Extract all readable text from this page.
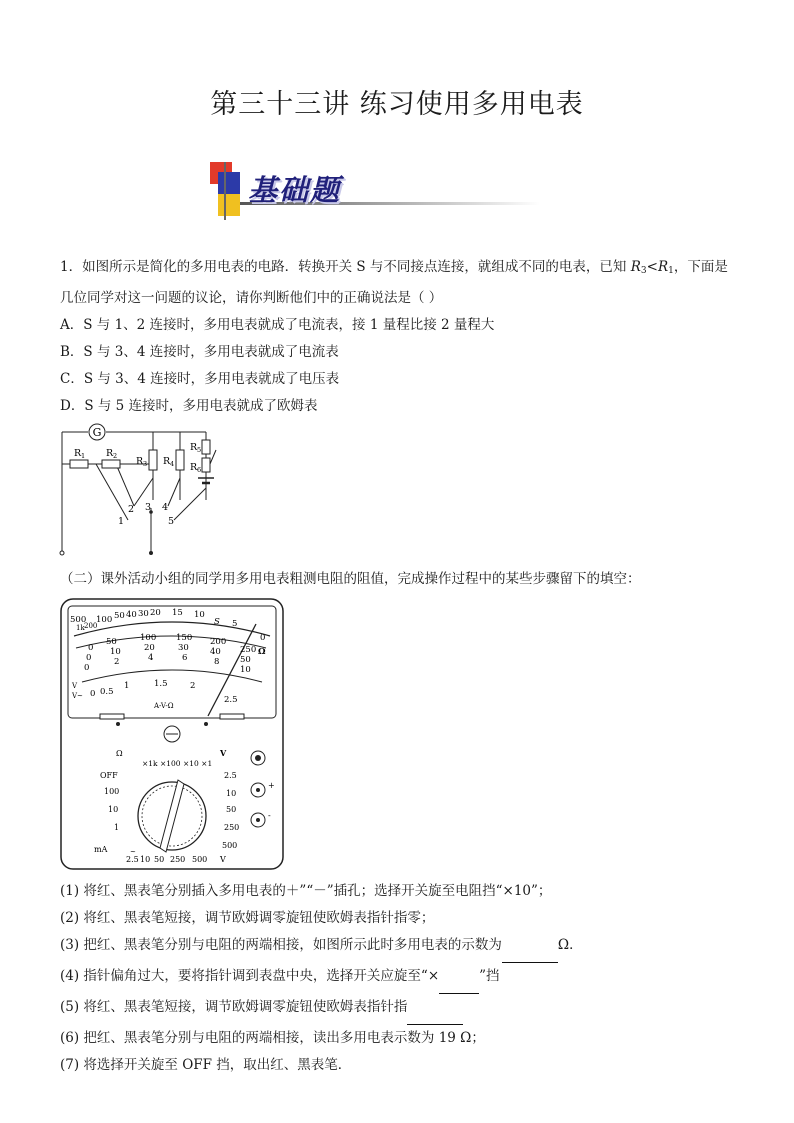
第三十三讲 练习使用多用电表
基础题

1．如图所示是简化的多用电表的电路．转换开关 S 与不同接点连接，就组成不同的电表，已知 $R_3<R_1$，下面是

几位同学对这一问题的议论，请你判断他们中的正确说法是（ ）

A．S 与 1、2 连接时，多用电表就成了电流表，接 1 量程比接 2 量程大

B．S 与 3、4 连接时，多用电表就成了电流表

C．S 与 3、4 连接时，多用电表就成了电压表

D．S 与 5 连接时，多用电表就成了欧姆表

G
R 1 R 2 R 3 R 4
R 5
R 6
1
2 3 4
5

（二）课外活动小组的同学用多用电表粗测电阻的阻值，完成操作过程中的某些步骤留下的填空：

500
1k 200
100 50 40 30 20 15 10
5
0
Ω
S
0
50	100 150 200
250
0
10	20	30 40
50
0
2	4	6	8
10
0 0.5
1	1.5	2
2.5
V
V~
A-V-Ω
Ω	V
×1k ×100 ×10 ×1
OFF
100
10
1
mA
2.5
10
50
250
500
2.5 10 50 250 500 V
~
+
-

(1) 将红、黑表笔分别插入多用电表的＋”“－”插孔；选择开关旋至电阻挡“×10”；

(2) 将红、黑表笔短接，调节欧姆调零旋钮使欧姆表指针指零；

(3) 把红、黑表笔分别与电阻的两端相接，如图所示此时多用电表的示数为	Ω．

(4) 指针偏角过大，要将指针调到表盘中央，选择开关应旋至“×	”挡

(5) 将红、黑表笔短接，调节欧姆调零旋钮使欧姆表指针指

(6) 把红、黑表笔分别与电阻的两端相接，读出多用电表示数为 19 Ω；

(7) 将选择开关旋至 OFF 挡，取出红、黑表笔．
